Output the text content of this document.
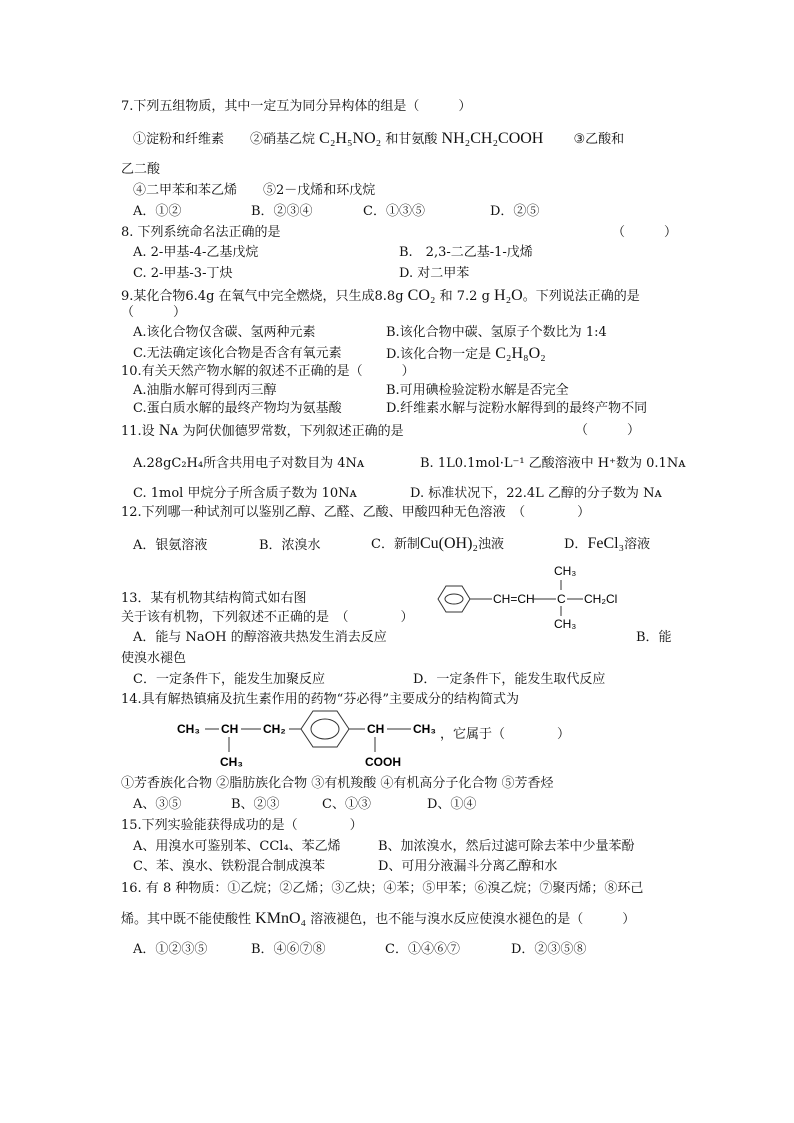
7.下列五组物质，其中一定互为同分异构体的组是（　　　）
①淀粉和纤维素　　②硝基乙烷 C₂H₅NO₂ 和甘氨酸 NH₂CH₂COOH ③乙酸和
乙二酸
④二甲苯和苯乙烯　　⑤2－戊烯和环戊烷
A．①②	B．②③④	C．①③⑤	D．②⑤
8. 下列系统命名法正确的是	（　　　）
A. 2-甲基-4-乙基戊烷	B.　2,3-二乙基-1-戊烯
C. 2-甲基-3-丁炔	D. 对二甲苯
9.某化合物6.4g 在氧气中完全燃烧，只生成8.8g CO₂ 和 7.2 g H₂O。下列说法正确的是
（　　　）
A.该化合物仅含碳、氢两种元素	B.该化合物中碳、氢原子个数比为 1:4
C.无法确定该化合物是否含有氧元素	D.该化合物一定是 C₂H₈O₂
10.有关天然产物水解的叙述不正确的是（　　　）
A.油脂水解可得到丙三醇	B.可用碘检验淀粉水解是否完全
C.蛋白质水解的最终产物均为氨基酸	D.纤维素水解与淀粉水解得到的最终产物不同
11.设 Nᴀ 为阿伏伽德罗常数，下列叙述正确的是	（　　　）
A.28gC₂H₄所含共用电子对数目为 4Nᴀ	B. 1L0.1mol·L⁻¹ 乙酸溶液中 H⁺数为 0.1Nᴀ
C. 1mol 甲烷分子所含质子数为 10Nᴀ	D. 标准状况下，22.4L 乙醇的分子数为 Nᴀ
12.下列哪一种试剂可以鉴别乙醇、乙醛、乙酸、甲酸四种无色溶液　（　　　　）
A．银氨溶液	B．浓溴水	C．新制Cu(OH)₂浊液	D．FeCl₃溶液
13．某有机物其结构简式如右图
关于该有机物，下列叙述不正确的是　（　　　　）
CH=CH C
CH₃
CH₃
CH₂Cl
A．能与 NaOH 的醇溶液共热发生消去反应	B．能
使溴水褪色
C．一定条件下，能发生加聚反应	D．一定条件下，能发生取代反应
14.具有解热镇痛及抗生素作用的药物“芬必得”主要成分的结构简式为
CH₃ CH
CH₃
CH₂	CH
COOH
CH₃ ，它属于（　　　　）
①芳香族化合物 ②脂肪族化合物 ③有机羧酸 ④有机高分子化合物 ⑤芳香烃
A、③⑤	B、②③	C、①③	D、①④
15.下列实验能获得成功的是（　　　　）
A、用溴水可鉴别苯、CCl₄、苯乙烯	B、加浓溴水，然后过滤可除去苯中少量苯酚
C、苯、溴水、铁粉混合制成溴苯	D、可用分液漏斗分离乙醇和水
16. 有 8 种物质：①乙烷；②乙烯；③乙炔；④苯；⑤甲苯；⑥溴乙烷；⑦聚丙烯；⑧环己
烯。其中既不能使酸性 KMnO₄ 溶液褪色，也不能与溴水反应使溴水褪色的是（　　　）
A．①②③⑤	B．④⑥⑦⑧	C．①④⑥⑦	D．②③⑤⑧
